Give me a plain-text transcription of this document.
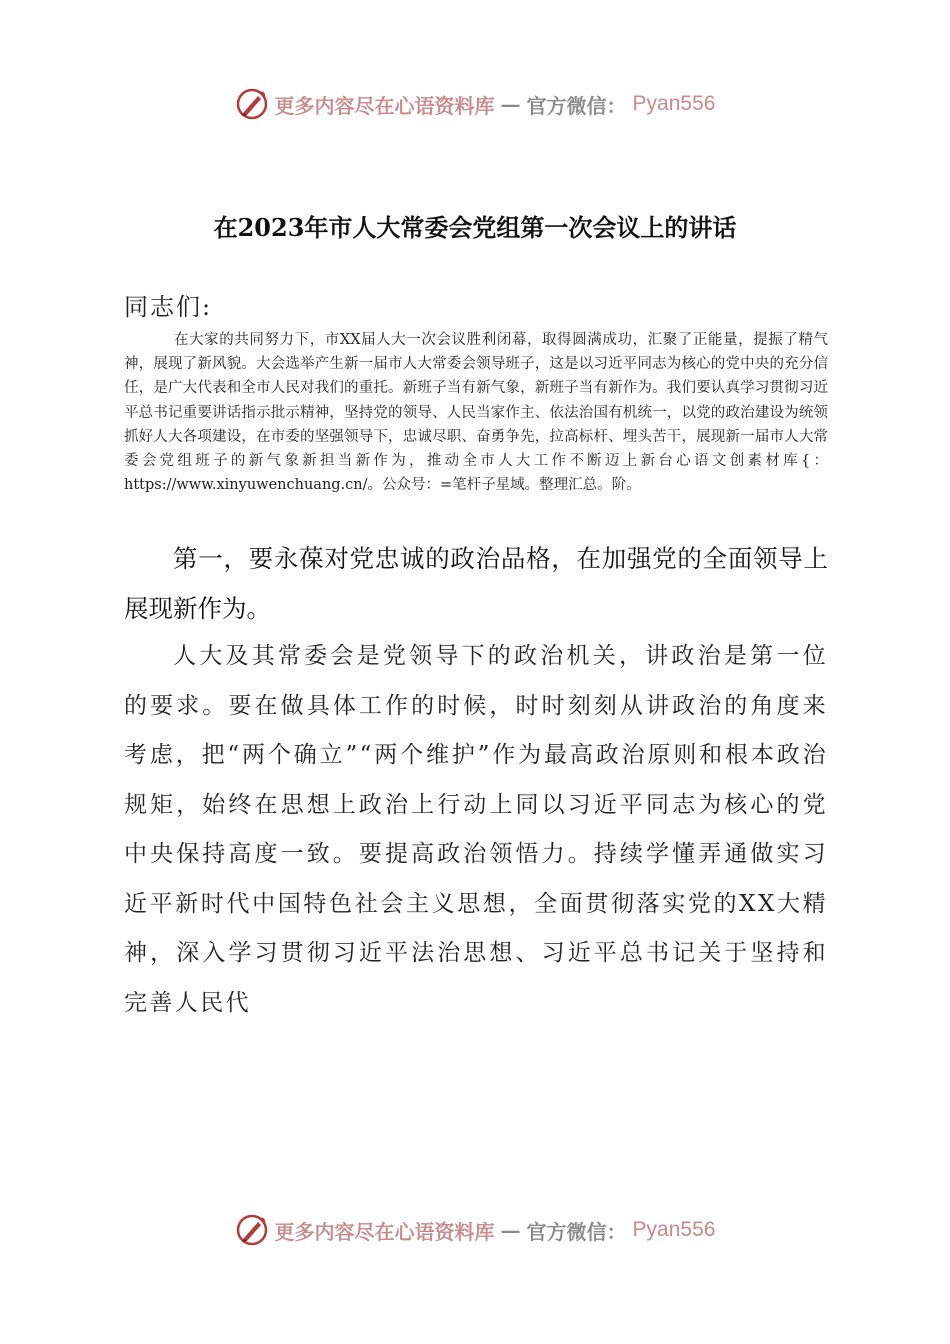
更多内容尽在心语资料库 — 官方微信： Pyan556
在2023年市人大常委会党组第一次会议上的讲话
同志们:

在大家的共同努力下，市XX届人大一次会议胜利闭幕，取得圆满成功，汇聚了正能量，提振了精气神，展现了新风貌。大会选举产生新一届市人大常委会领导班子，这是以习近平同志为核心的党中央的充分信任，是广大代表和全市人民对我们的重托。新班子当有新气象，新班子当有新作为。我们要认真学习贯彻习近平总书记重要讲话指示批示精神，坚持党的领导、人民当家作主、依法治国有机统一，以党的政治建设为统领抓好人大各项建设，在市委的坚强领导下，忠诚尽职、奋勇争先，拉高标杆、埋头苦干，展现新一届市人大常委会党组班子的新气象新担当新作为，推动全市人大工作不断迈上新台心语文创素材库{：https://www.xinyuwenchuang.cn/。公众号：=笔杆子星域。整理汇总。阶。

第一，要永葆对党忠诚的政治品格，在加强党的全面领导上展现新作为。

人大及其常委会是党领导下的政治机关，讲政治是第一位的要求。要在做具体工作的时候，时时刻刻从讲政治的角度来考虑，把“两个确立”“两个维护”作为最高政治原则和根本政治规矩，始终在思想上政治上行动上同以习近平同志为核心的党中央保持高度一致。要提高政治领悟力。持续学懂弄通做实习近平新时代中国特色社会主义思想，全面贯彻落实党的XX大精神，深入学习贯彻习近平法治思想、习近平总书记关于坚持和完善人民代

更多内容尽在心语资料库 — 官方微信： Pyan556
